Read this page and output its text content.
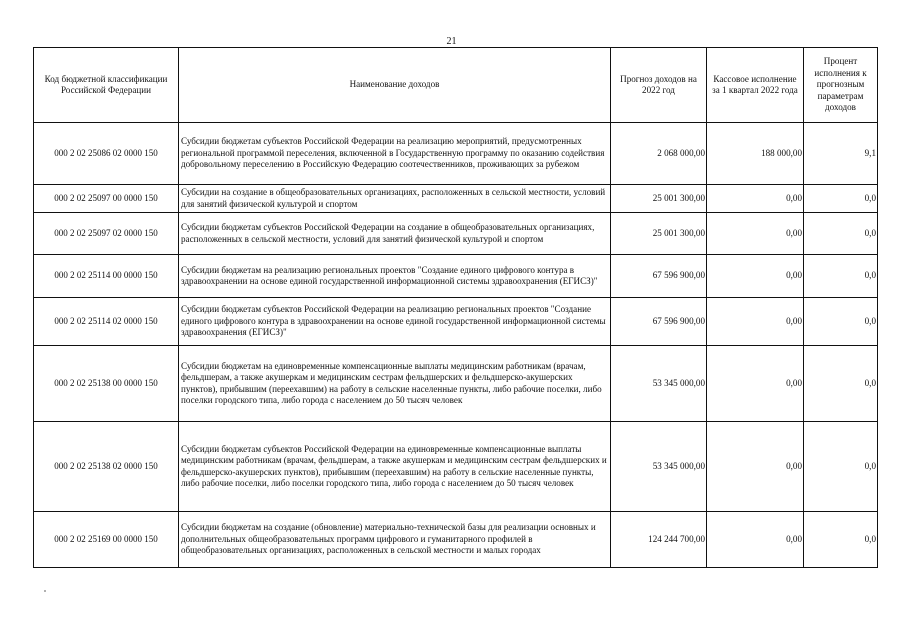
21
Код бюджетной классификации Российской Федерации	Наименование доходов	Прогноз доходов на 2022 год	Кассовое исполнение за 1 квартал 2022 года	Процент исполнения к прогнозным параметрам доходов
000 2 02 25086 02 0000 150	Субсидии бюджетам субъектов Российской Федерации на реализацию мероприятий, предусмотренных региональной программой переселения, включенной в Государственную программу по оказанию содействия добровольному переселению в Российскую Федерацию соотечественников, проживающих за рубежом	2 068 000,00	188 000,00	9,1
000 2 02 25097 00 0000 150	Субсидии на создание в общеобразовательных организациях, расположенных в сельской местности, условий для занятий физической культурой и спортом	25 001 300,00	0,00	0,0
000 2 02 25097 02 0000 150	Субсидии бюджетам субъектов Российской Федерации на создание в общеобразовательных организациях, расположенных в сельской местности, условий для занятий физической культурой и спортом	25 001 300,00	0,00	0,0
000 2 02 25114 00 0000 150	Субсидии бюджетам на реализацию региональных проектов "Создание единого цифрового контура в здравоохранении на основе единой государственной информационной системы здравоохранения (ЕГИСЗ)"	67 596 900,00	0,00	0,0
000 2 02 25114 02 0000 150	Субсидии бюджетам субъектов Российской Федерации на реализацию региональных проектов "Создание единого цифрового контура в здравоохранении на основе единой государственной информационной системы здравоохранения (ЕГИСЗ)"	67 596 900,00	0,00	0,0
000 2 02 25138 00 0000 150	Субсидии бюджетам на единовременные компенсационные выплаты медицинским работникам (врачам, фельдшерам, а также акушеркам и медицинским сестрам фельдшерских и фельдшерско-акушерских пунктов), прибывшим (переехавшим) на работу в сельские населенные пункты, либо рабочие поселки, либо поселки городского типа, либо города с населением до 50 тысяч человек	53 345 000,00	0,00	0,0
000 2 02 25138 02 0000 150	Субсидии бюджетам субъектов Российской Федерации на единовременные компенсационные выплаты медицинским работникам (врачам, фельдшерам, а также акушеркам и медицинским сестрам фельдшерских и фельдшерско-акушерских пунктов), прибывшим (переехавшим) на работу в сельские населенные пункты, либо рабочие поселки, либо поселки городского типа, либо города с населением до 50 тысяч человек	53 345 000,00	0,00	0,0
000 2 02 25169 00 0000 150	Субсидии бюджетам на создание (обновление) материально-технической базы для реализации основных и дополнительных общеобразовательных программ цифрового и гуманитарного профилей в общеобразовательных организациях, расположенных в сельской местности и малых городах	124 244 700,00	0,00	0,0
